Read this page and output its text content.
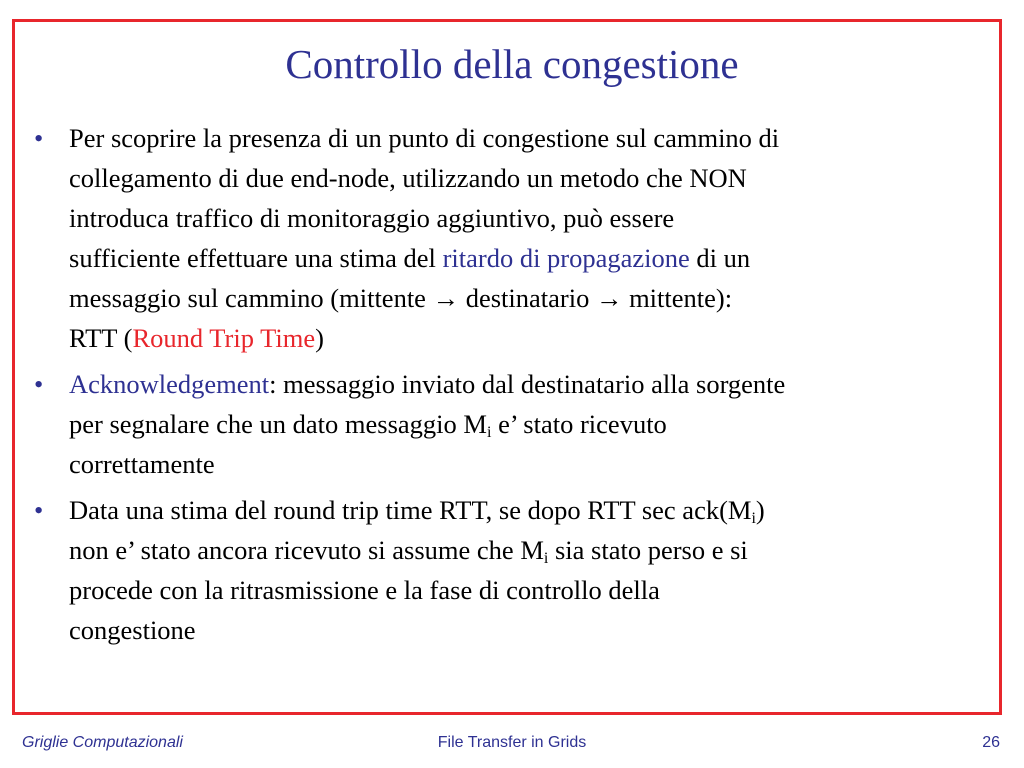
Controllo della congestione
• Per scoprire la presenza di un punto di congestione sul cammino di
collegamento di due end-node, utilizzando un metodo che NON
introduca traffico di monitoraggio aggiuntivo, può essere
sufficiente effettuare una stima del ritardo di propagazione di un
messaggio sul cammino (mittente → destinatario → mittente):
RTT (Round Trip Time)
• Acknowledgement: messaggio inviato dal destinatario alla sorgente
per segnalare che un dato messaggio $M_i$ e’ stato ricevuto
correttamente
• Data una stima del round trip time RTT, se dopo RTT $\sec ack(M_i)$
non e’ stato ancora ricevuto si assume che $M_i$ sia stato perso e si
procede con la ritrasmissione e la fase di controllo della
congestione
Griglie Computazionali	File Transfer in Grids	26
